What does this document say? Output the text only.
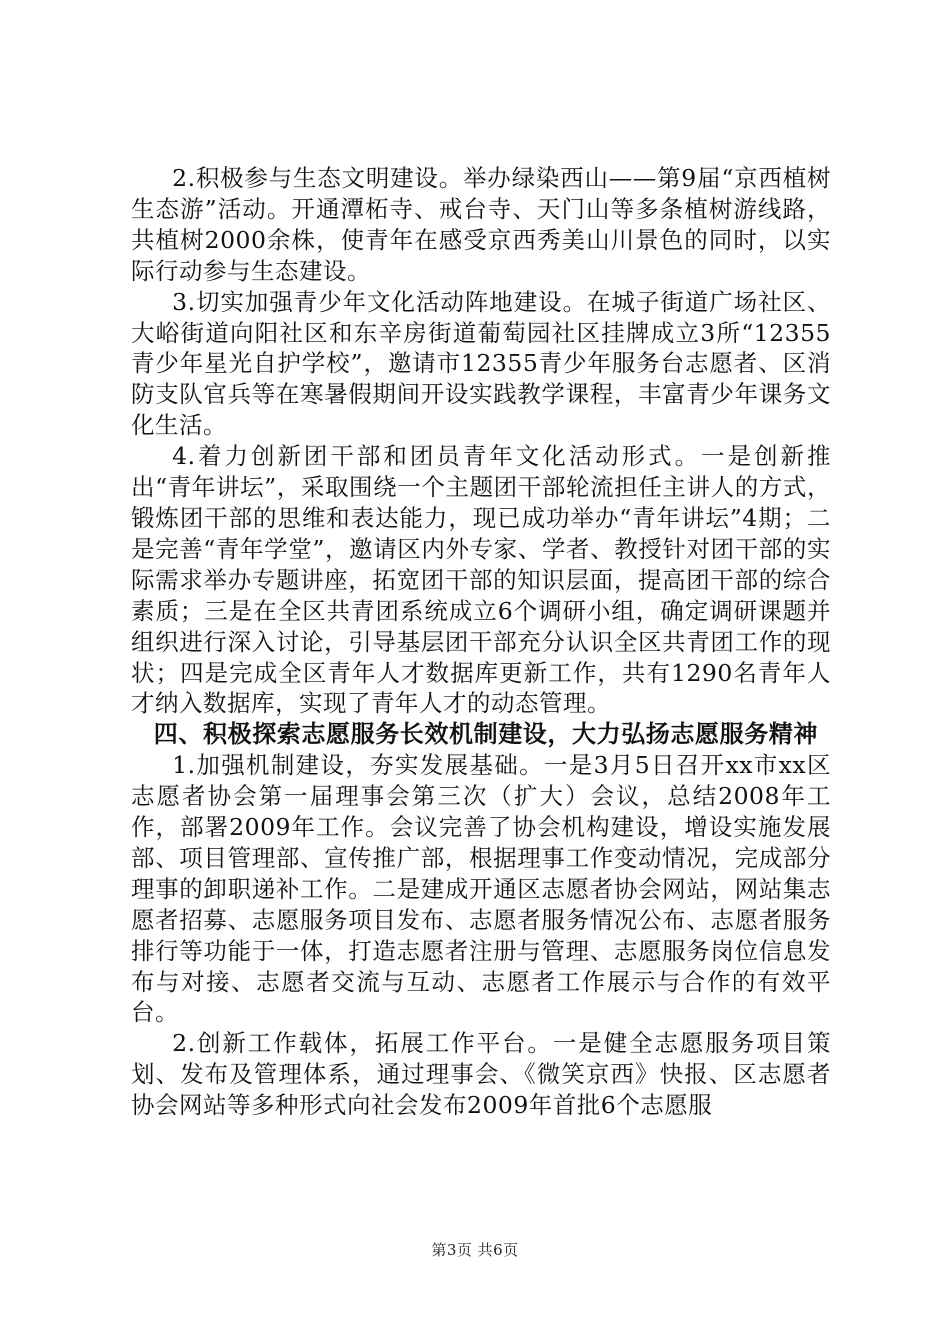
2.积极参与生态文明建设。举办绿染西山——第9届“京西植树生态游”活动。开通潭柘寺、戒台寺、天门山等多条植树游线路，共植树2000余株，使青年在感受京西秀美山川景色的同时，以实际行动参与生态建设。

3.切实加强青少年文化活动阵地建设。在城子街道广场社区、大峪街道向阳社区和东辛房街道葡萄园社区挂牌成立3所“12355青少年星光自护学校”，邀请市12355青少年服务台志愿者、区消防支队官兵等在寒暑假期间开设实践教学课程，丰富青少年课务文化生活。

4.着力创新团干部和团员青年文化活动形式。一是创新推出“青年讲坛”，采取围绕一个主题团干部轮流担任主讲人的方式，锻炼团干部的思维和表达能力，现已成功举办“青年讲坛”4期；二是完善“青年学堂”，邀请区内外专家、学者、教授针对团干部的实际需求举办专题讲座，拓宽团干部的知识层面，提高团干部的综合素质；三是在全区共青团系统成立6个调研小组，确定调研课题并组织进行深入讨论，引导基层团干部充分认识全区共青团工作的现状；四是完成全区青年人才数据库更新工作，共有1290名青年人才纳入数据库，实现了青年人才的动态管理。

四、积极探索志愿服务长效机制建设，大力弘扬志愿服务精神

1.加强机制建设，夯实发展基础。一是3月5日召开xx市xx区志愿者协会第一届理事会第三次（扩大）会议，总结2008年工作，部署2009年工作。会议完善了协会机构建设，增设实施发展部、项目管理部、宣传推广部，根据理事工作变动情况，完成部分理事的卸职递补工作。二是建成开通区志愿者协会网站，网站集志愿者招募、志愿服务项目发布、志愿者服务情况公布、志愿者服务排行等功能于一体，打造志愿者注册与管理、志愿服务岗位信息发布与对接、志愿者交流与互动、志愿者工作展示与合作的有效平台。

2.创新工作载体，拓展工作平台。一是健全志愿服务项目策划、发布及管理体系，通过理事会、《微笑京西》快报、区志愿者协会网站等多种形式向社会发布2009年首批6个志愿服

第3页 共6页
